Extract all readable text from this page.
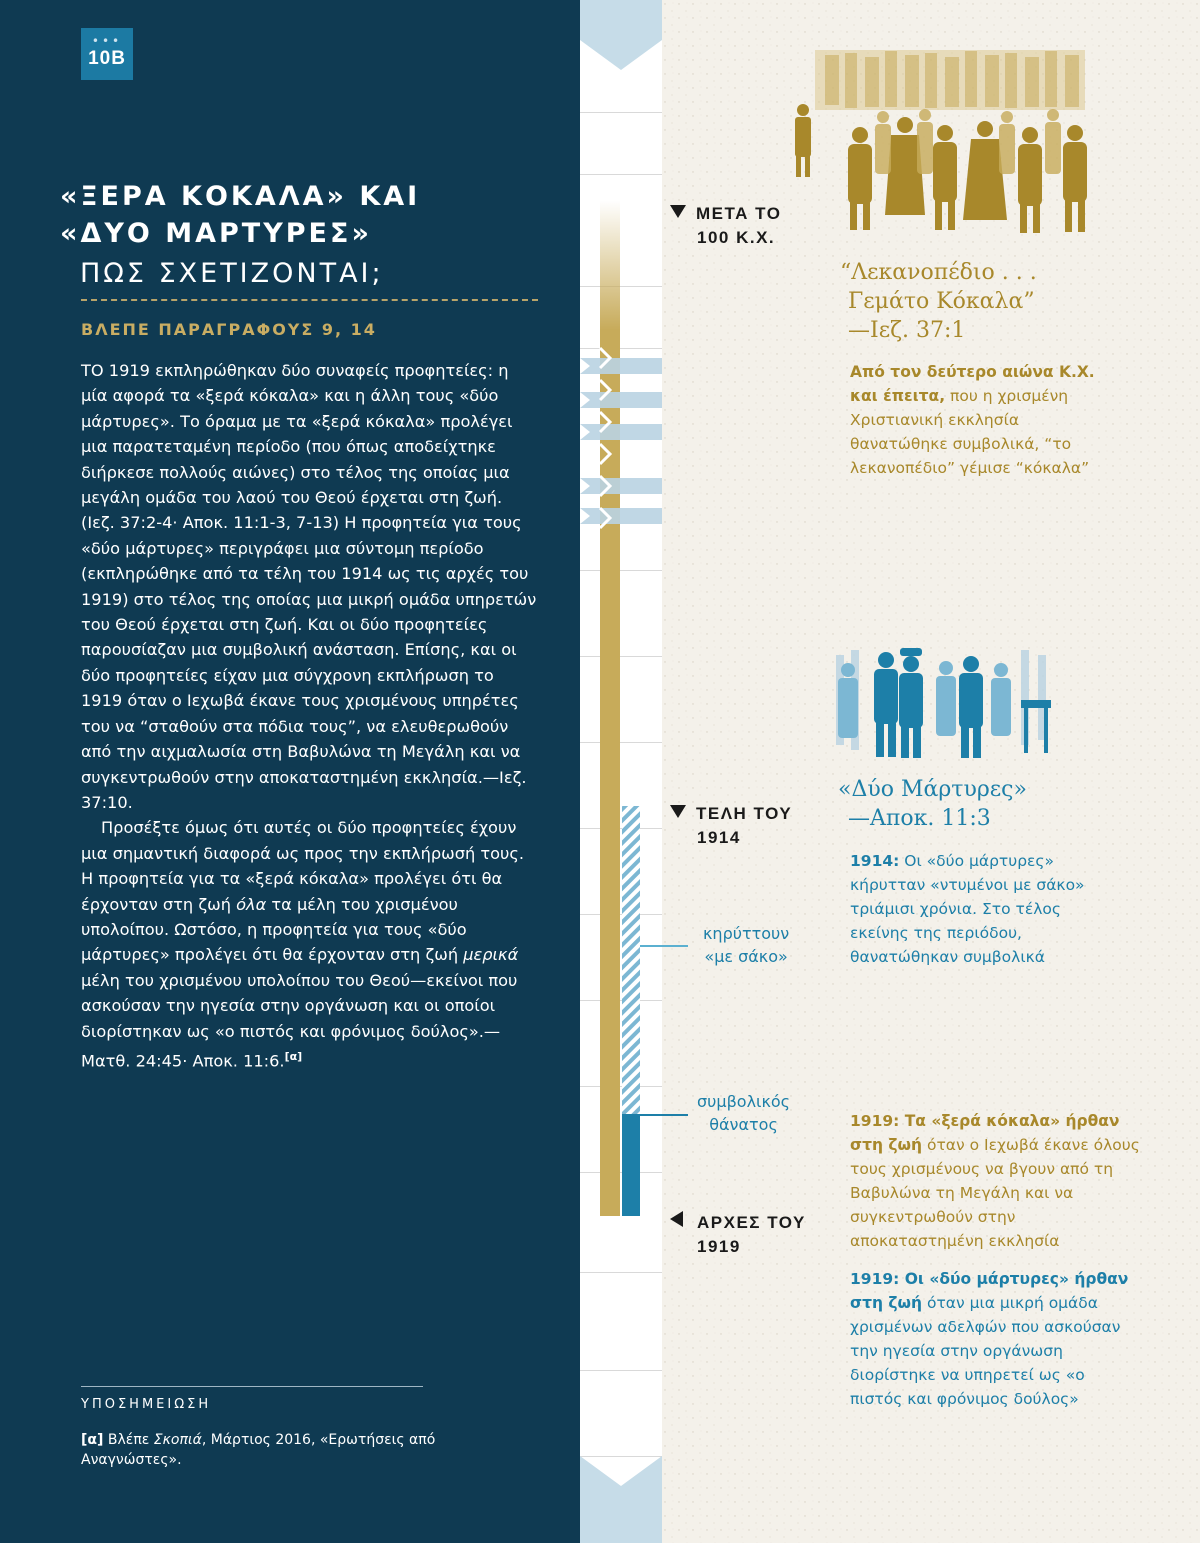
•••
10B
«ΞΕΡΑ ΚΟΚΑΛΑ» ΚΑΙ
«ΔΥΟ ΜΑΡΤΥΡΕΣ»
ΠΩΣ ΣΧΕΤΙΖΟΝΤΑΙ;
ΒΛΕΠΕ ΠΑΡΑΓΡΑΦΟΥΣ 9, 14

ΤΟ 1919 εκπληρώθηκαν δύο συναφείς προφητείες: η μία αφορά τα «ξερά κόκαλα» και η άλλη τους «δύο μάρτυρες». Το όραμα με τα «ξερά κόκαλα» προλέγει μια παρατεταμένη περίοδο (που όπως αποδείχτηκε διήρκεσε πολλούς αιώνες) στο τέλος της οποίας μια μεγάλη ομάδα του λαού του Θεού έρχεται στη ζωή. (Ιεζ. 37:2-4· Αποκ. 11:1-3, 7-13) Η προφητεία για τους «δύο μάρτυρες» περιγράφει μια σύντομη περίοδο (εκπληρώθηκε από τα τέλη του 1914 ως τις αρχές του 1919) στο τέλος της οποίας μια μικρή ομάδα υπηρετών του Θεού έρχεται στη ζωή. Και οι δύο προφητείες παρουσίαζαν μια συμβολική ανάσταση. Επίσης, και οι δύο προφητείες είχαν μια σύγχρονη εκπλήρωση το 1919 όταν ο Ιεχωβά έκανε τους χρισμένους υπηρέτες του να “σταθούν στα πόδια τους”, να ελευθερωθούν από την αιχμαλωσία στη Βαβυλώνα τη Μεγάλη και να συγκεντρωθούν στην αποκαταστημένη εκκλησία.—Ιεζ. 37:10.

Προσέξτε όμως ότι αυτές οι δύο προφητείες έχουν μια σημαντική διαφορά ως προς την εκπλήρωσή τους. Η προφητεία για τα «ξερά κόκαλα» προλέγει ότι θα έρχονταν στη ζωή όλα τα μέλη του χρισμένου υπολοίπου. Ωστόσο, η προφητεία για τους «δύο μάρτυρες» προλέγει ότι θα έρχονταν στη ζωή μερικά μέλη του χρισμένου υπολοίπου του Θεού—εκείνοι που ασκούσαν την ηγεσία στην οργάνωση και οι οποίοι διορίστηκαν ως «ο πιστός και φρόνιμος δούλος».—Ματθ. 24:45· Αποκ. 11:6.[α]

ΥΠΟΣΗΜΕΙΩΣΗ
[α] Βλέπε Σκοπιά, Μάρτιος 2016, «Ερωτήσεις από Αναγνώστες».
ΜΕΤΑ ΤΟ
100 Κ.Χ.
ΤΕΛΗ ΤΟΥ
1914
ΑΡΧΕΣ ΤΟΥ
1919
κηρύττουν
«με σάκο»
συμβολικός
θάνατος
“Λεκανοπέδιο . . .
Γεμάτο Κόκαλα”
—Ιεζ. 37:1
Από τον δεύτερο αιώνα Κ.Χ. και έπειτα, που η χρισμένη Χριστιανική εκκλησία θανατώθηκε συμβολικά, “το λεκανοπέδιο” γέμισε “κόκαλα”
«Δύο Μάρτυρες»
—Αποκ. 11:3
1914: Οι «δύο μάρτυρες» κήρυτταν «ντυμένοι με σάκο» τριάμισι χρόνια. Στο τέλος εκείνης της περιόδου, θανατώθηκαν συμβολικά
1919: Τα «ξερά κόκαλα» ήρθαν στη ζωή όταν ο Ιεχωβά έκανε όλους τους χρισμένους να βγουν από τη Βαβυλώνα τη Μεγάλη και να συγκεντρωθούν στην αποκαταστημένη εκκλησία
1919: Οι «δύο μάρτυρες» ήρθαν στη ζωή όταν μια μικρή ομάδα χρισμένων αδελφών που ασκούσαν την ηγεσία στην οργάνωση διορίστηκε να υπηρετεί ως «ο πιστός και φρόνιμος δούλος»
